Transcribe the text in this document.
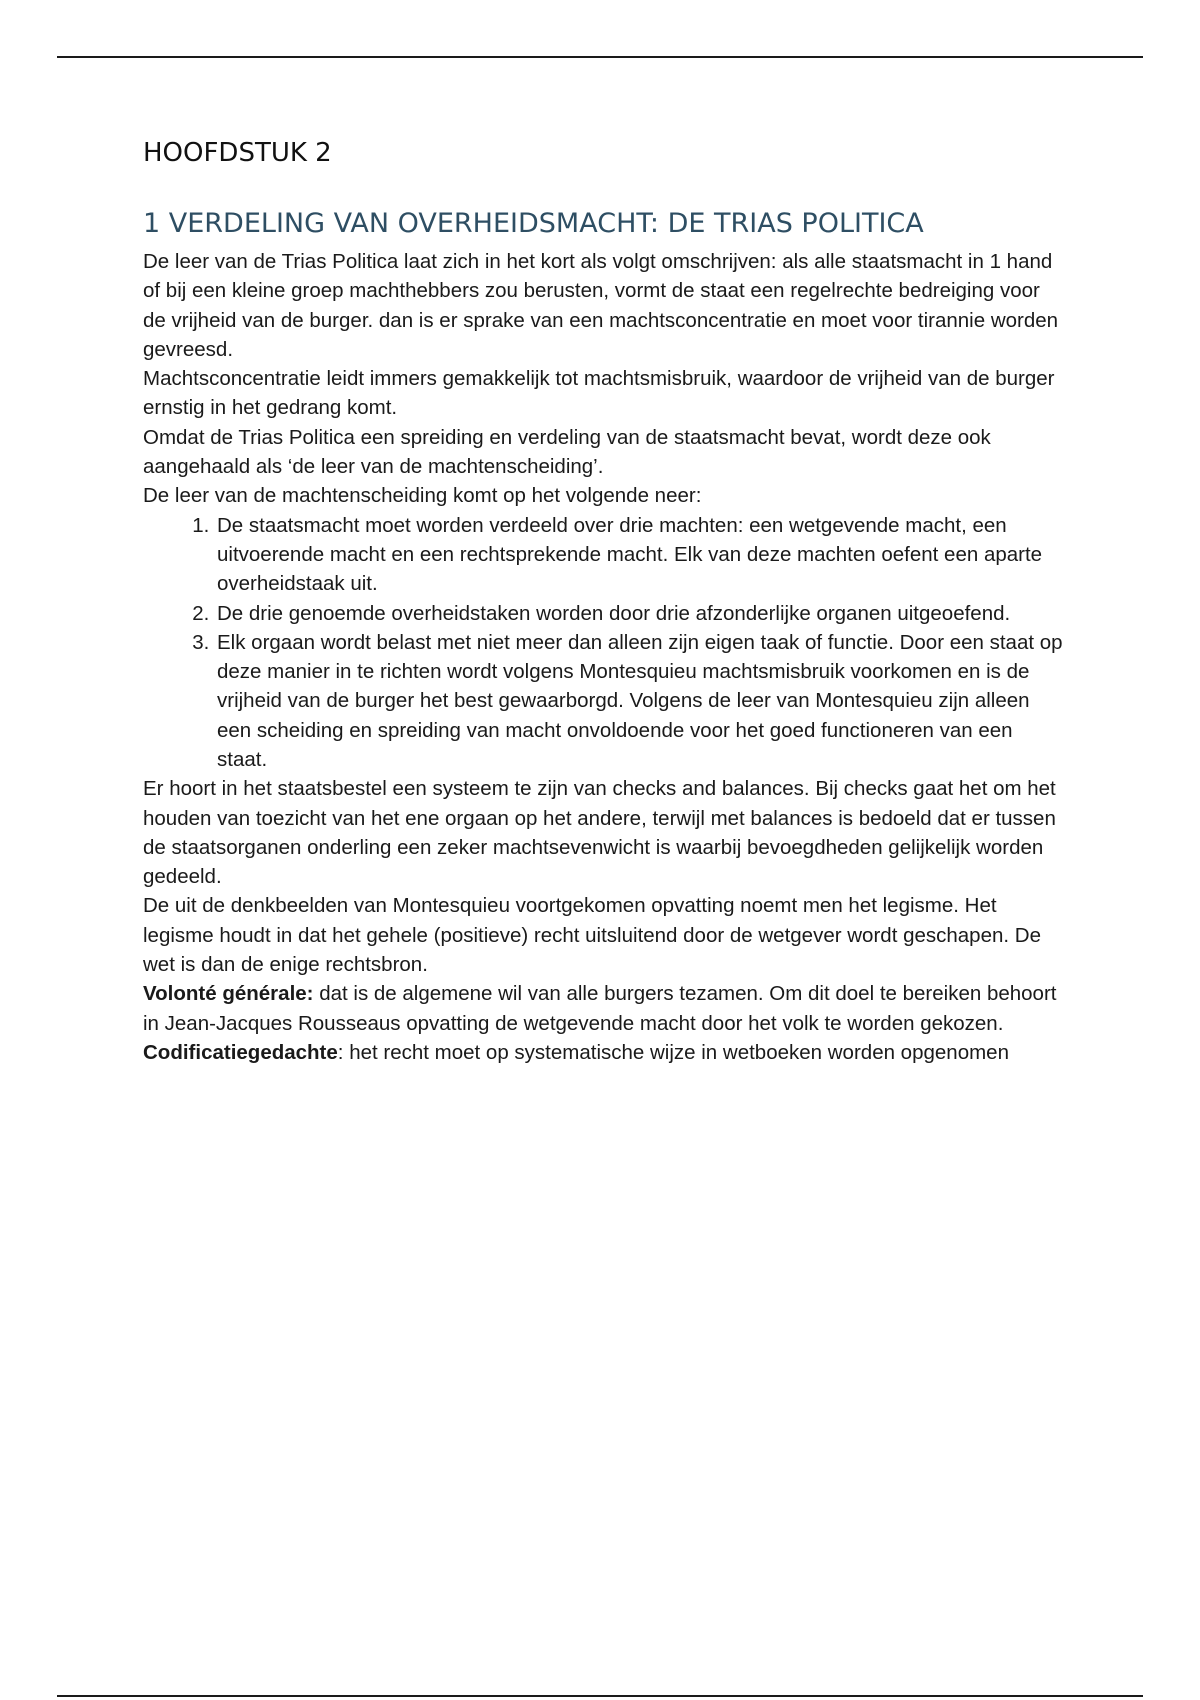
HOOFDSTUK 2
1 VERDELING VAN OVERHEIDSMACHT: DE TRIAS POLITICA

De leer van de Trias Politica laat zich in het kort als volgt omschrijven: als alle staatsmacht in 1 hand of bij een kleine groep machthebbers zou berusten, vormt de staat een regelrechte bedreiging voor de vrijheid van de burger. dan is er sprake van een machtsconcentratie en moet voor tirannie worden gevreesd.

Machtsconcentratie leidt immers gemakkelijk tot machtsmisbruik, waardoor de vrijheid van de burger ernstig in het gedrang komt.

Omdat de Trias Politica een spreiding en verdeling van de staatsmacht bevat, wordt deze ook aangehaald als ‘de leer van de machtenscheiding’.

De leer van de machtenscheiding komt op het volgende neer:

1. De staatsmacht moet worden verdeeld over drie machten: een wetgevende macht, een uitvoerende macht en een rechtsprekende macht. Elk van deze machten oefent een aparte overheidstaak uit.
2. De drie genoemde overheidstaken worden door drie afzonderlijke organen uitgeoefend.
3. Elk orgaan wordt belast met niet meer dan alleen zijn eigen taak of functie. Door een staat op deze manier in te richten wordt volgens Montesquieu machtsmisbruik voorkomen en is de vrijheid van de burger het best gewaarborgd. Volgens de leer van Montesquieu zijn alleen een scheiding en spreiding van macht onvoldoende voor het goed functioneren van een staat.

Er hoort in het staatsbestel een systeem te zijn van checks and balances. Bij checks gaat het om het houden van toezicht van het ene orgaan op het andere, terwijl met balances is bedoeld dat er tussen de staatsorganen onderling een zeker machtsevenwicht is waarbij bevoegdheden gelijkelijk worden gedeeld.

De uit de denkbeelden van Montesquieu voortgekomen opvatting noemt men het legisme. Het legisme houdt in dat het gehele (positieve) recht uitsluitend door de wetgever wordt geschapen. De wet is dan de enige rechtsbron.

Volonté générale: dat is de algemene wil van alle burgers tezamen. Om dit doel te bereiken behoort in Jean-Jacques Rousseaus opvatting de wetgevende macht door het volk te worden gekozen.

Codificatiegedachte: het recht moet op systematische wijze in wetboeken worden opgenomen
